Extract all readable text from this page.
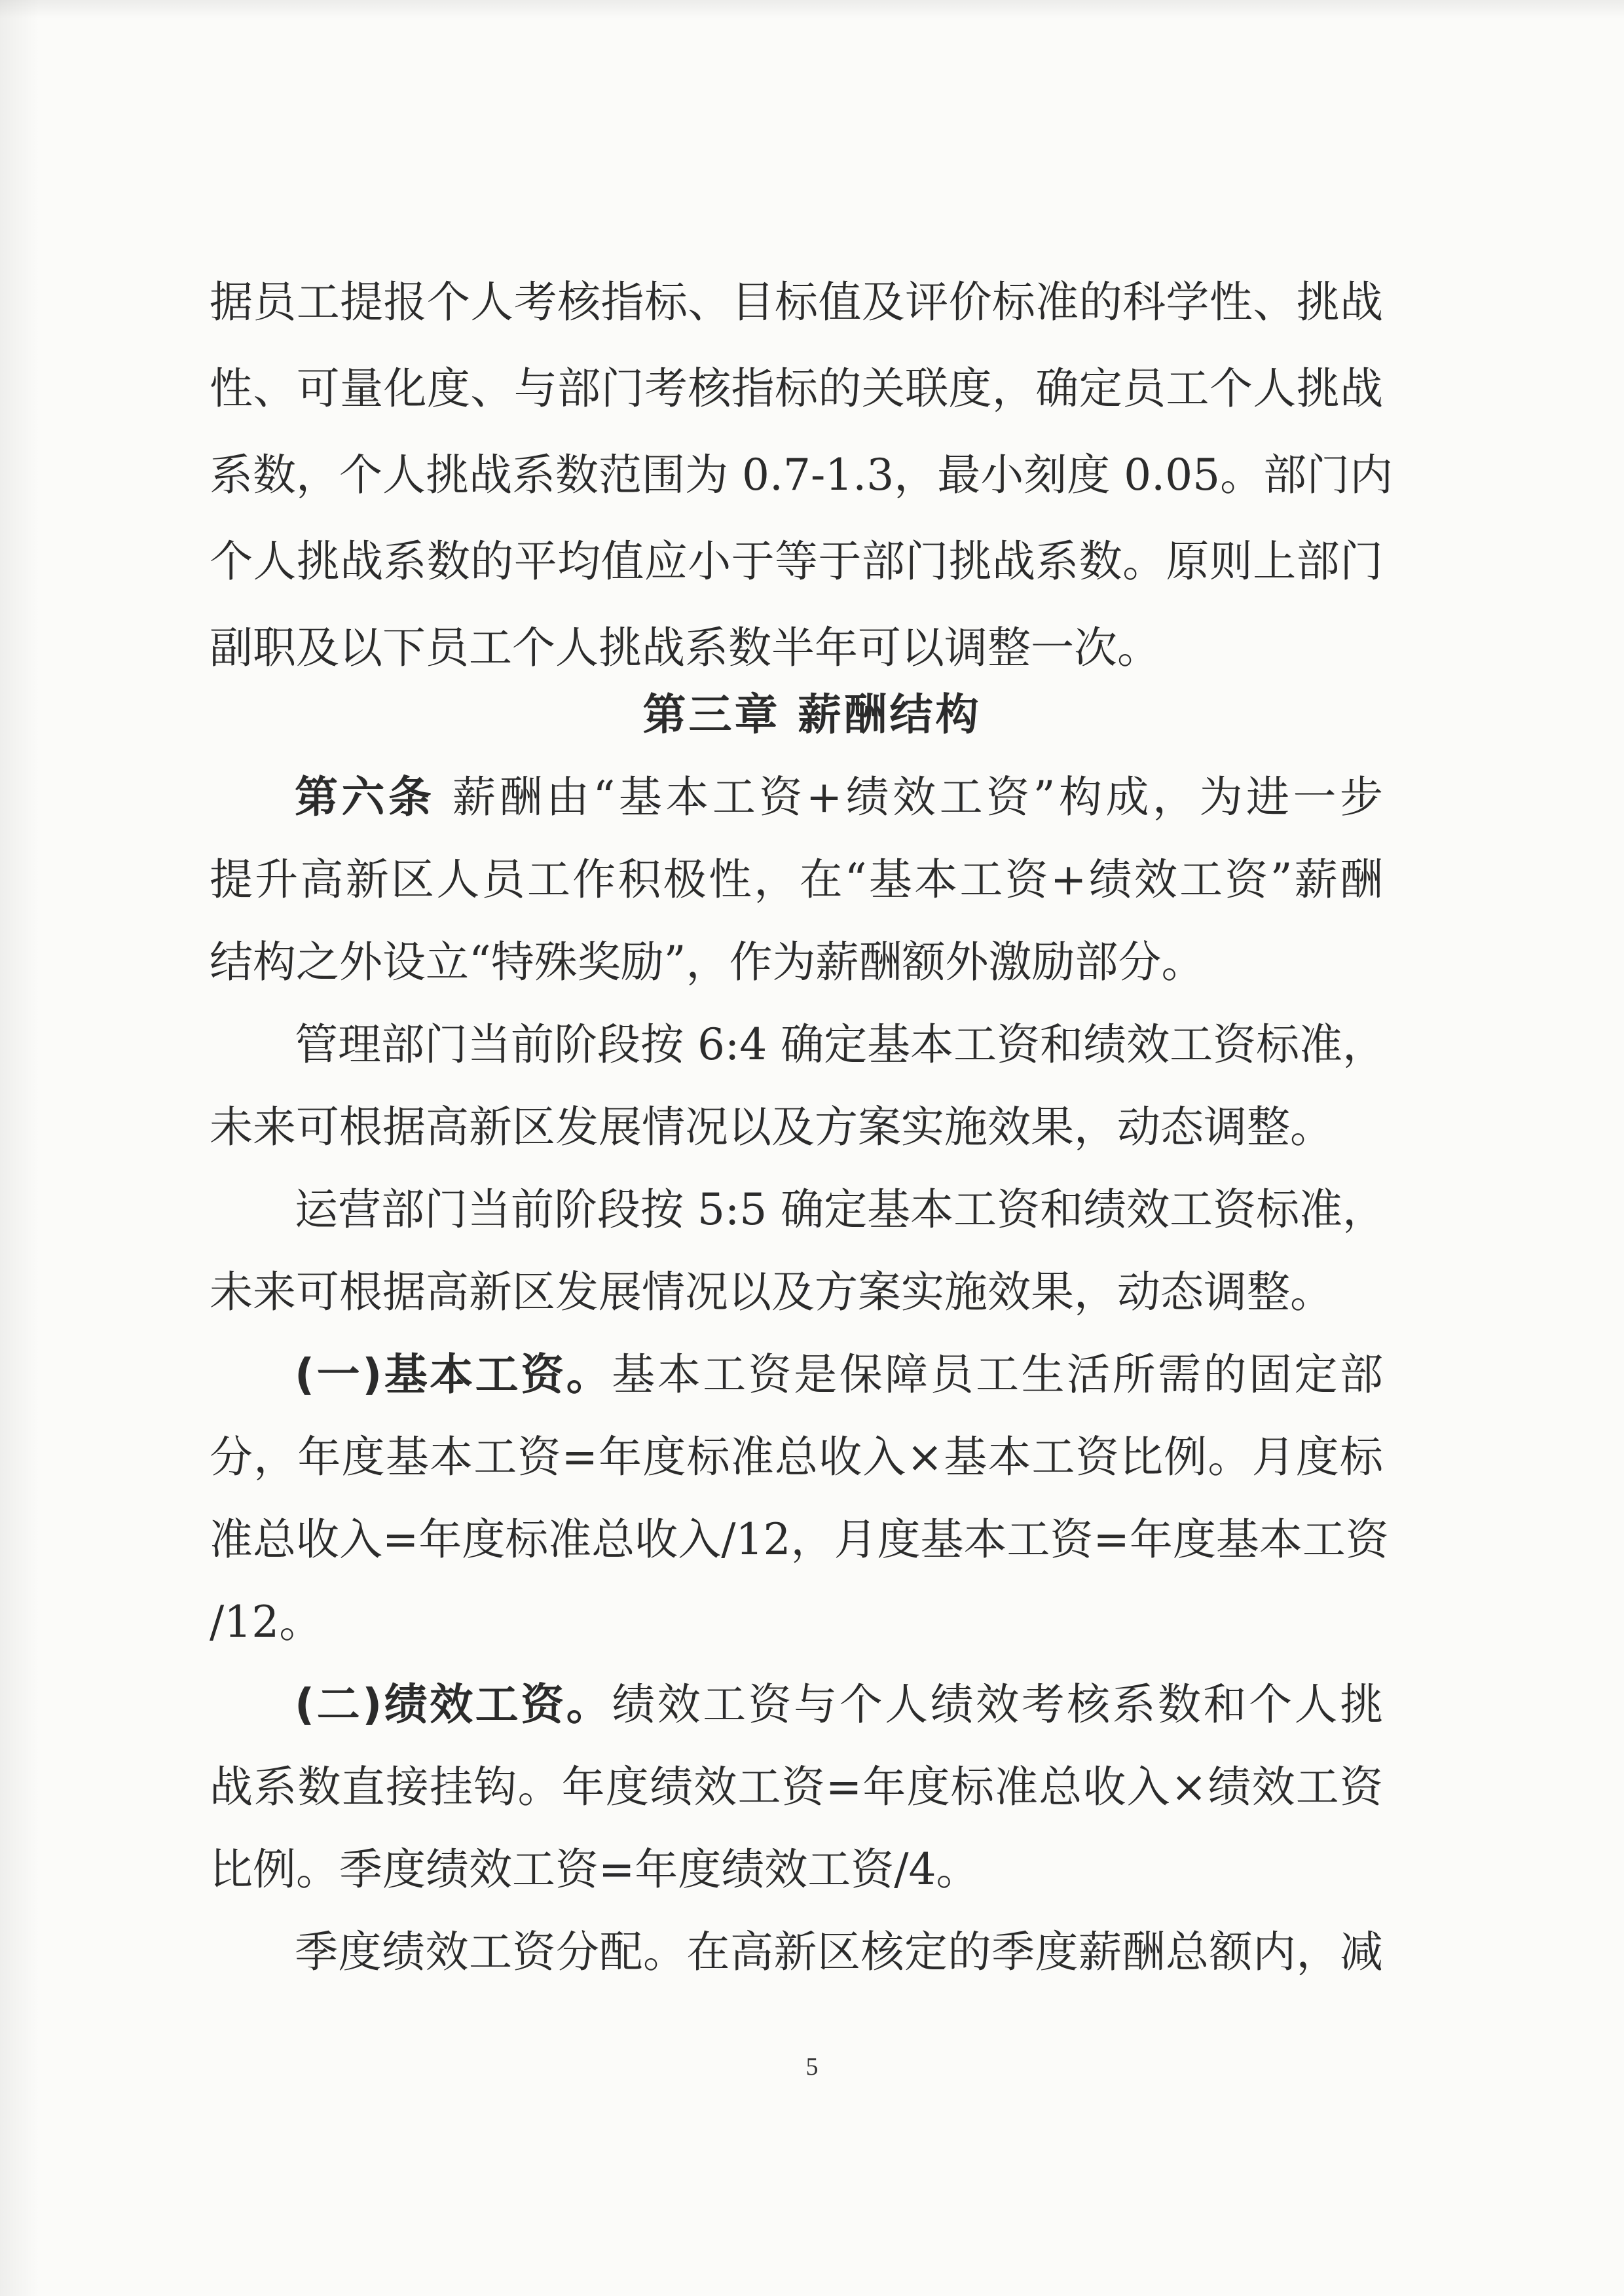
据员工提报个人考核指标、目标值及评价标准的科学性、挑战
性、可量化度、与部门考核指标的关联度，确定员工个人挑战
系数，个人挑战系数范围为 0.7-1.3，最小刻度 0.05。部门内
个人挑战系数的平均值应小于等于部门挑战系数。原则上部门
副职及以下员工个人挑战系数半年可以调整一次。
第三章 薪酬结构
第六条 薪酬由“基本工资+绩效工资”构成，为进一步
提升高新区人员工作积极性，在“基本工资+绩效工资”薪酬
结构之外设立“特殊奖励”，作为薪酬额外激励部分。
管理部门当前阶段按 6:4 确定基本工资和绩效工资标准，
未来可根据高新区发展情况以及方案实施效果，动态调整。
运营部门当前阶段按 5:5 确定基本工资和绩效工资标准，
未来可根据高新区发展情况以及方案实施效果，动态调整。
(一)基本工资。基本工资是保障员工生活所需的固定部
分，年度基本工资=年度标准总收入×基本工资比例。月度标
准总收入=年度标准总收入/12，月度基本工资=年度基本工资
/12。
(二)绩效工资。绩效工资与个人绩效考核系数和个人挑
战系数直接挂钩。年度绩效工资=年度标准总收入×绩效工资
比例。季度绩效工资=年度绩效工资/4。
季度绩效工资分配。在高新区核定的季度薪酬总额内，减
5
